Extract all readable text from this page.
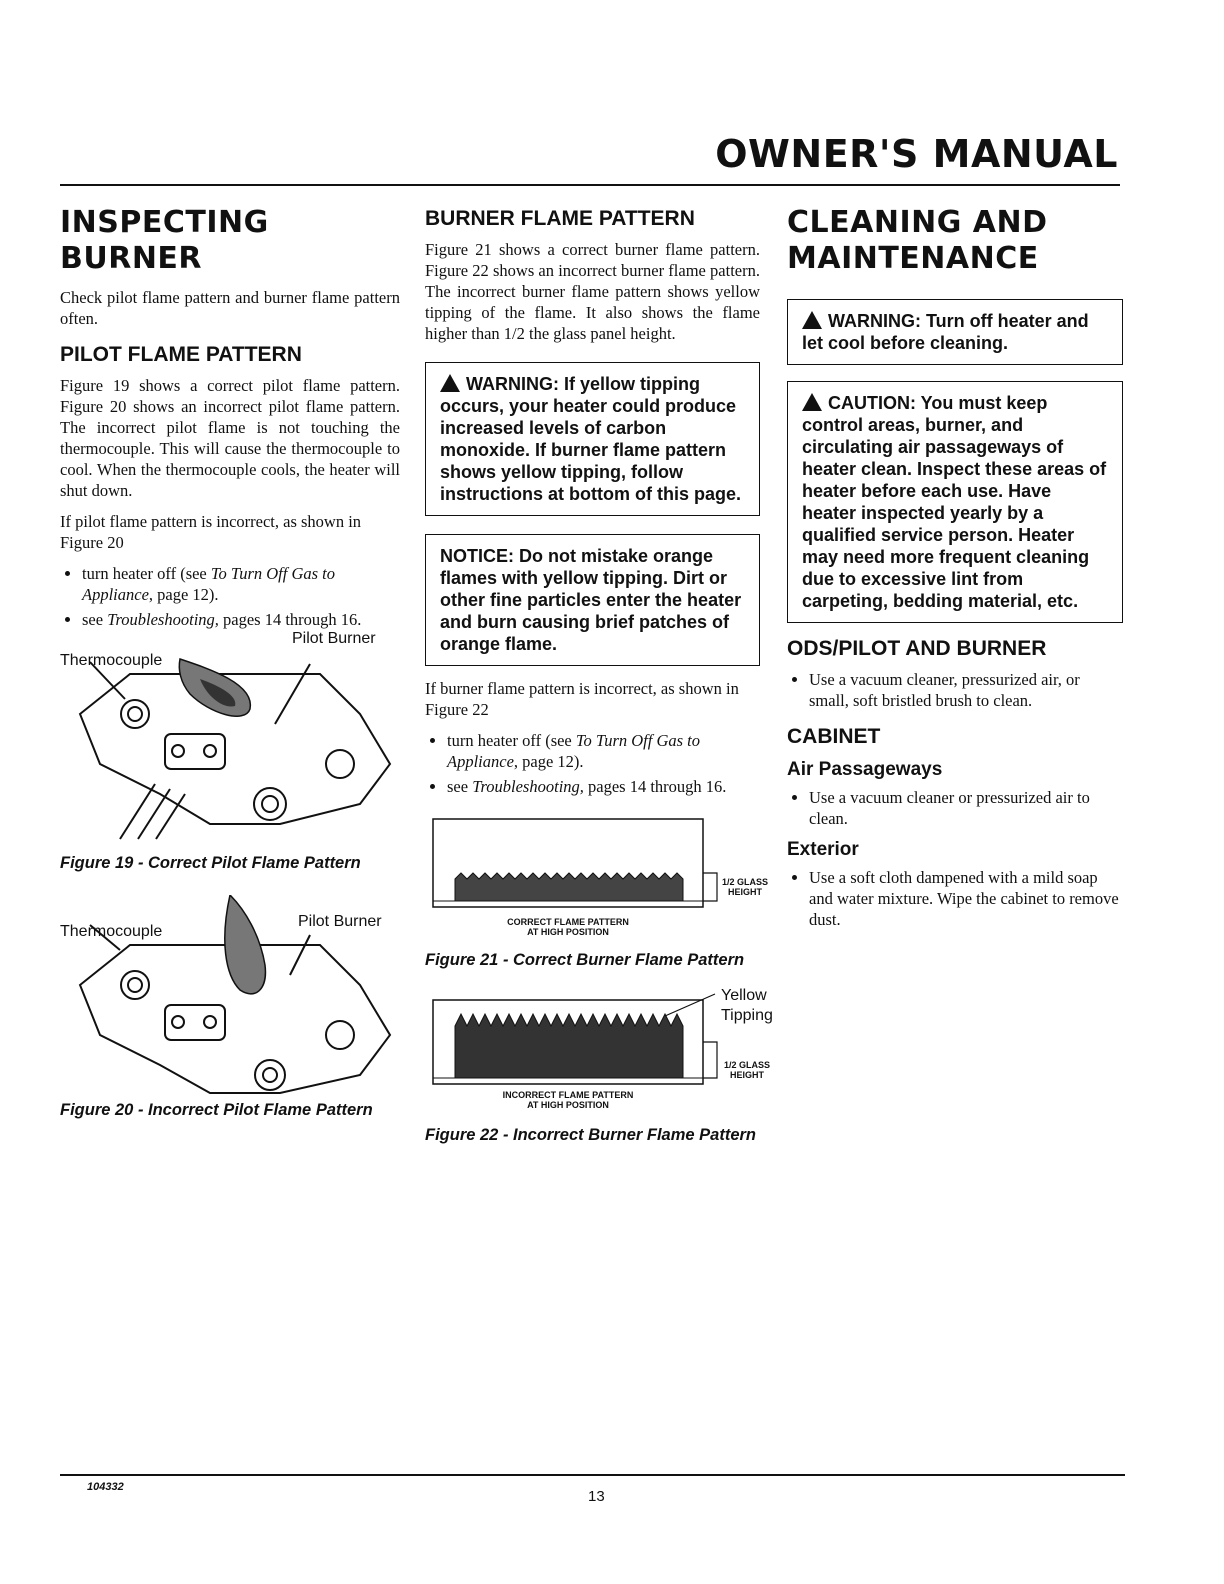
OWNER'S MANUAL
INSPECTING BURNER

Check pilot flame pattern and burner flame pattern often.

PILOT FLAME PATTERN

Figure 19 shows a correct pilot flame pattern. Figure 20 shows an incorrect pilot flame pattern. The incorrect pilot flame is not touching the thermocouple. This will cause the thermocouple to cool. When the thermocouple cools, the heater will shut down.

If pilot flame pattern is incorrect, as shown in Figure 20

• turn heater off (see To Turn Off Gas to Appliance, page 12).
• see Troubleshooting, pages 14 through 16.
Thermocouple
Pilot Burner
Figure 19 - Correct Pilot Flame Pattern
Thermocouple
Pilot Burner
Figure 20 - Incorrect Pilot Flame Pattern
BURNER FLAME PATTERN

Figure 21 shows a correct burner flame pattern. Figure 22 shows an incorrect burner flame pattern. The incorrect burner flame pattern shows yellow tipping of the flame. It also shows the flame higher than 1/2 the glass panel height.

WARNING: If yellow tipping occurs, your heater could produce increased levels of carbon monoxide. If burner flame pattern shows yellow tipping, follow instructions at bottom of this page.
NOTICE: Do not mistake orange flames with yellow tipping. Dirt or other fine particles enter the heater and burn causing brief patches of orange flame.

If burner flame pattern is incorrect, as shown in Figure 22

• turn heater off (see To Turn Off Gas to Appliance, page 12).
• see Troubleshooting, pages 14 through 16.
1/2 GLASS HEIGHT
CORRECT FLAME PATTERN
AT HIGH POSITION
Figure 21 - Correct Burner Flame Pattern
Yellow Tipping
1/2 GLASS HEIGHT
INCORRECT FLAME PATTERN
AT HIGH POSITION
Figure 22 - Incorrect Burner Flame Pattern
CLEANING AND MAINTENANCE
WARNING: Turn off heater and let cool before cleaning.
CAUTION: You must keep control areas, burner, and circulating air passageways of heater clean. Inspect these areas of heater before each use. Have heater inspected yearly by a qualified service person. Heater may need more frequent cleaning due to excessive lint from carpeting, bedding material, etc.
ODS/PILOT AND BURNER
• Use a vacuum cleaner, pressurized air, or small, soft bristled brush to clean.
CABINET
Air Passageways
• Use a vacuum cleaner or pressurized air to clean.
Exterior
• Use a soft cloth dampened with a mild soap and water mixture. Wipe the cabinet to remove dust.
104332
13
